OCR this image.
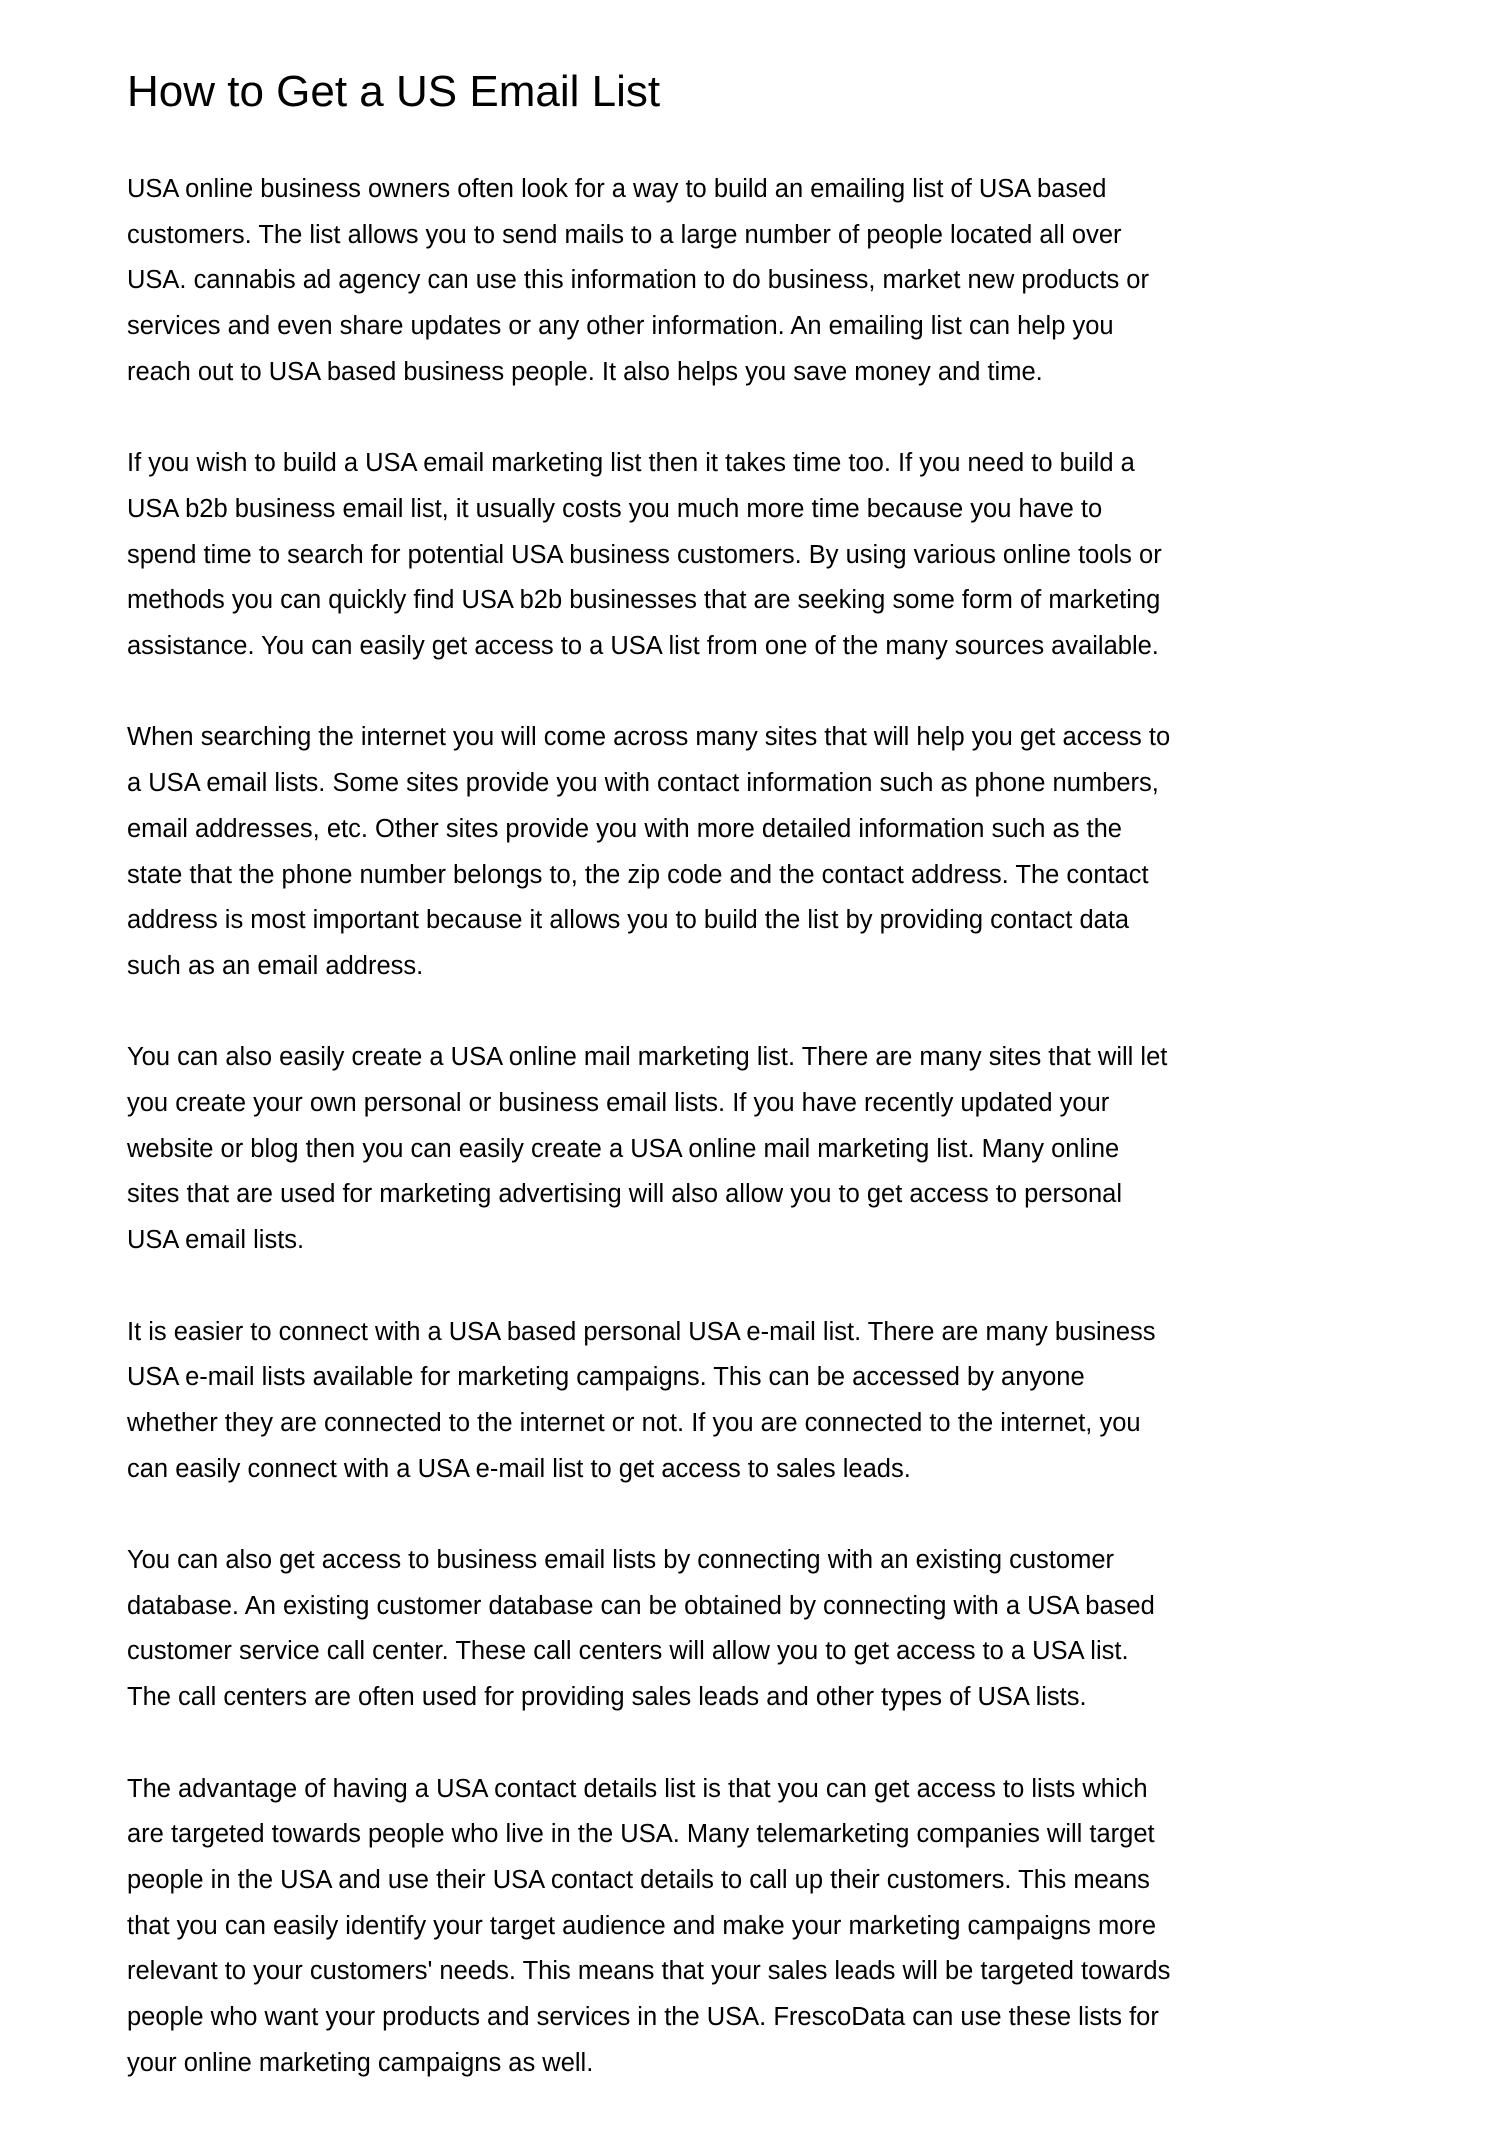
How to Get a US Email List

USA online business owners often look for a way to build an emailing list of USA based
customers. The list allows you to send mails to a large number of people located all over
USA. cannabis ad agency can use this information to do business, market new products or
services and even share updates or any other information. An emailing list can help you
reach out to USA based business people. It also helps you save money and time.

If you wish to build a USA email marketing list then it takes time too. If you need to build a
USA b2b business email list, it usually costs you much more time because you have to
spend time to search for potential USA business customers. By using various online tools or
methods you can quickly find USA b2b businesses that are seeking some form of marketing
assistance. You can easily get access to a USA list from one of the many sources available.

When searching the internet you will come across many sites that will help you get access to
a USA email lists. Some sites provide you with contact information such as phone numbers,
email addresses, etc. Other sites provide you with more detailed information such as the
state that the phone number belongs to, the zip code and the contact address. The contact
address is most important because it allows you to build the list by providing contact data
such as an email address.

You can also easily create a USA online mail marketing list. There are many sites that will let
you create your own personal or business email lists. If you have recently updated your
website or blog then you can easily create a USA online mail marketing list. Many online
sites that are used for marketing advertising will also allow you to get access to personal
USA email lists.

It is easier to connect with a USA based personal USA e-mail list. There are many business
USA e-mail lists available for marketing campaigns. This can be accessed by anyone
whether they are connected to the internet or not. If you are connected to the internet, you
can easily connect with a USA e-mail list to get access to sales leads.

You can also get access to business email lists by connecting with an existing customer
database. An existing customer database can be obtained by connecting with a USA based
customer service call center. These call centers will allow you to get access to a USA list.
The call centers are often used for providing sales leads and other types of USA lists.

The advantage of having a USA contact details list is that you can get access to lists which
are targeted towards people who live in the USA. Many telemarketing companies will target
people in the USA and use their USA contact details to call up their customers. This means
that you can easily identify your target audience and make your marketing campaigns more
relevant to your customers' needs. This means that your sales leads will be targeted towards
people who want your products and services in the USA. FrescoData can use these lists for
your online marketing campaigns as well.
